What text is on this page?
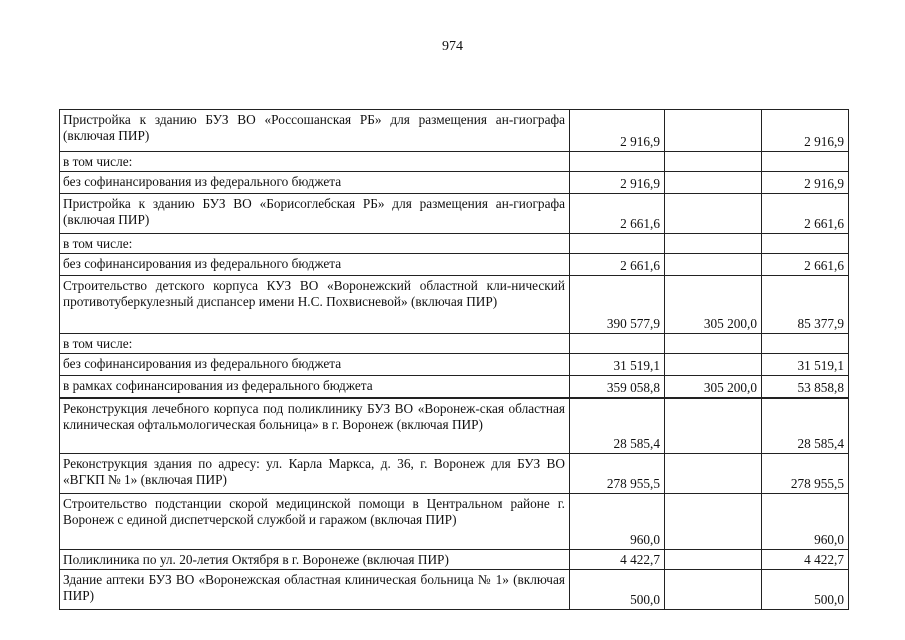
974
Пристройка к зданию БУЗ ВО «Россошанская РБ» для размещения ан-гиографа (включая ПИР)	2 916,9		2 916,9
в том числе:			
без софинансирования из федерального бюджета	2 916,9		2 916,9
Пристройка к зданию БУЗ ВО «Борисоглебская РБ» для размещения ан-гиографа (включая ПИР)	2 661,6		2 661,6
в том числе:			
без софинансирования из федерального бюджета	2 661,6		2 661,6
Строительство детского корпуса КУЗ ВО «Воронежский областной кли-нический противотуберкулезный диспансер имени Н.С. Похвисневой» (включая ПИР)	390 577,9	305 200,0	85 377,9
в том числе:			
без софинансирования из федерального бюджета	31 519,1		31 519,1
в рамках софинансирования из федерального бюджета	359 058,8	305 200,0	53 858,8
Реконструкция лечебного корпуса под поликлинику БУЗ ВО «Воронеж-ская областная клиническая офтальмологическая больница» в г. Воронеж (включая ПИР)	28 585,4		28 585,4
Реконструкция здания по адресу: ул. Карла Маркса, д. 36, г. Воронеж для БУЗ ВО «ВГКП № 1» (включая ПИР)	278 955,5		278 955,5
Строительство подстанции скорой медицинской помощи в Центральном районе г. Воронеж с единой диспетчерской службой и гаражом (включая ПИР)	960,0		960,0
Поликлиника по ул. 20-летия Октября в г. Воронеже (включая ПИР)	4 422,7		4 422,7
Здание аптеки БУЗ ВО «Воронежская областная клиническая больница № 1» (включая ПИР)	500,0		500,0
